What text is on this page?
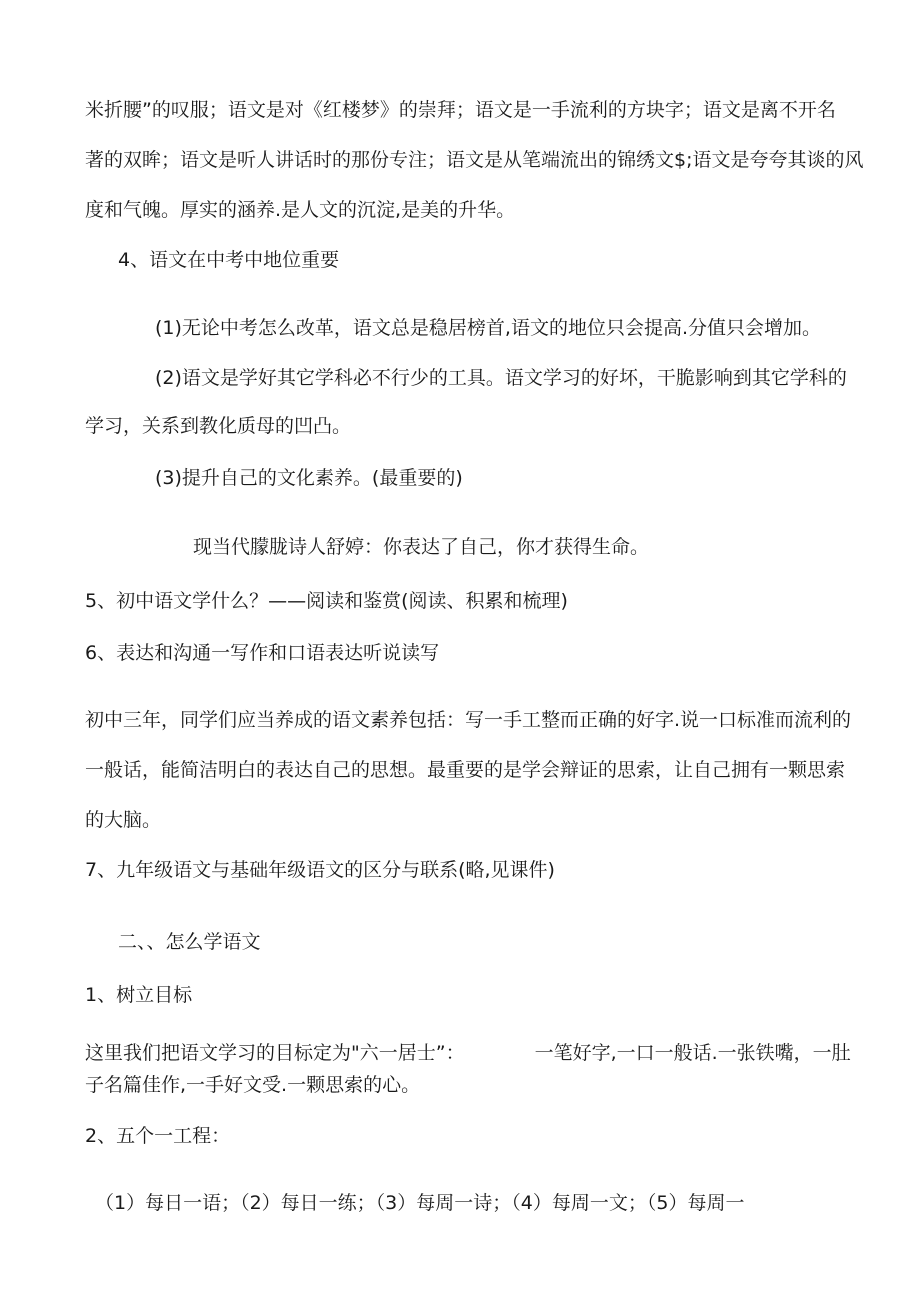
米折腰”的叹服；语文是对《红楼梦》的崇拜；语文是一手流利的方块字；语文是离不开名
著的双眸；语文是听人讲话时的那份专注；语文是从笔端流出的锦绣文$;语文是夸夸其谈的风
度和气魄。厚实的涵养.是人文的沉淀,是美的升华。
4、语文在中考中地位重要
(1)无论中考怎么改革，语文总是稳居榜首,语文的地位只会提高.分值只会增加。
(2)语文是学好其它学科必不行少的工具。语文学习的好坏，干脆影响到其它学科的
学习，关系到教化质母的凹凸。
(3)提升自己的文化素养。(最重要的)
现当代朦胧诗人舒婷：你表达了自己，你才获得生命。
5、初中语文学什么？——阅读和鉴赏(阅读、积累和梳理)
6、表达和沟通一写作和口语表达听说读写
初中三年，同学们应当养成的语文素养包括：写一手工整而正确的好字.说一口标准而流利的
一般话，能简洁明白的表达自己的思想。最重要的是学会辩证的思索，让自己拥有一颗思索
的大脑。
7、九年级语文与基础年级语文的区分与联系(略,见课件)
二、、怎么学语文
1、树立目标
这里我们把语文学习的目标定为"六一居士”：	一笔好字,一口一般话.一张铁嘴，一肚
子名篇佳作,一手好文受.一颗思索的心。
2、五个一工程：
（1）每日一语；（2）每日一练；（3）每周一诗；（4）每周一文；（5）每周一
